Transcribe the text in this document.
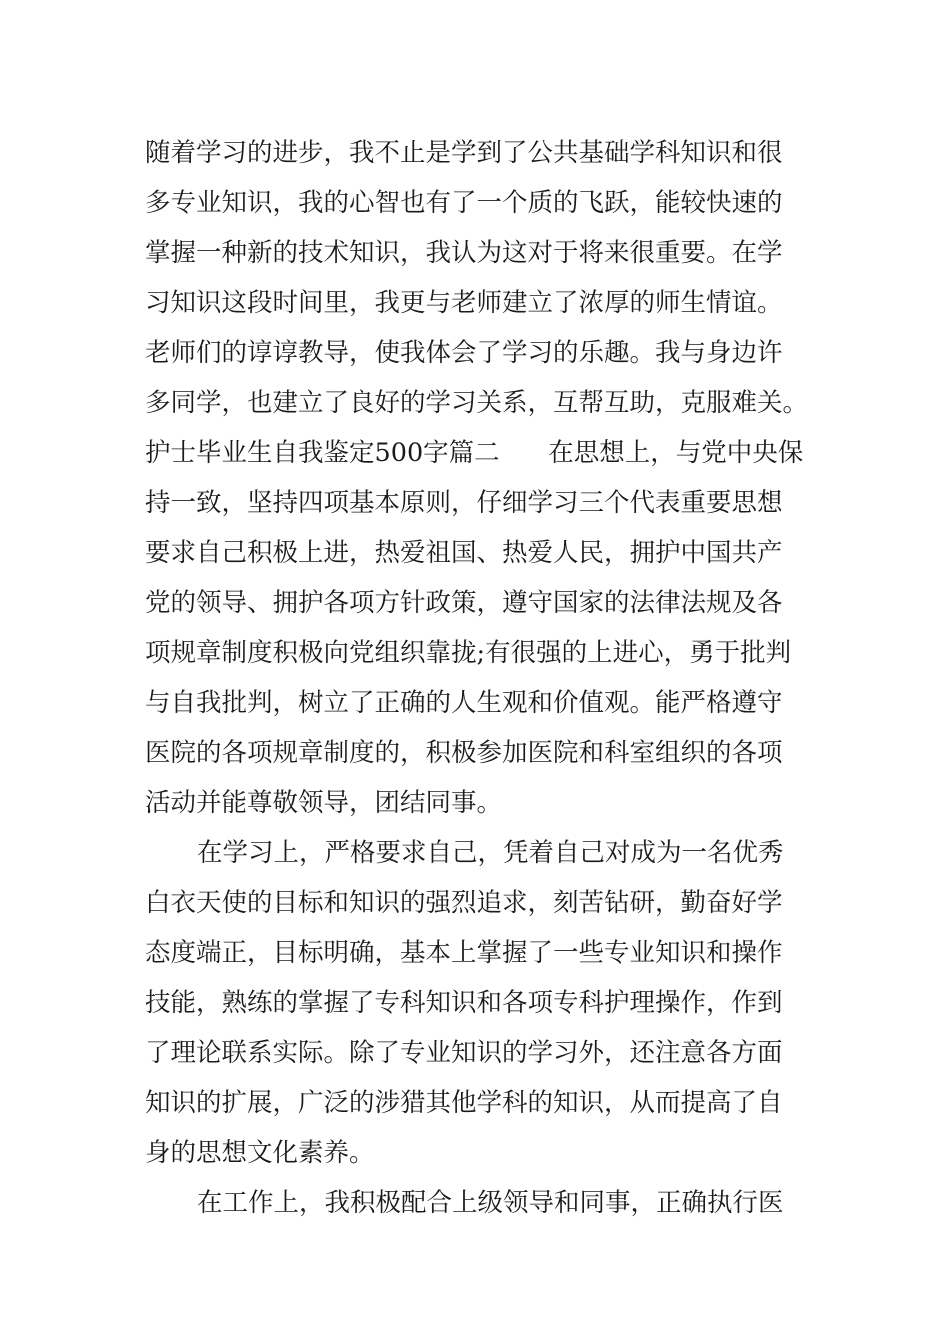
随着学习的进步，我不止是学到了公共基础学科知识和很
多专业知识，我的心智也有了一个质的飞跃，能较快速的
掌握一种新的技术知识，我认为这对于将来很重要。在学
习知识这段时间里，我更与老师建立了浓厚的师生情谊。
老师们的谆谆教导，使我体会了学习的乐趣。我与身边许
多同学，也建立了良好的学习关系，互帮互助，克服难关。
护士毕业生自我鉴定500字篇二      在思想上，与党中央保
持一致，坚持四项基本原则，仔细学习三个代表重要思想
要求自己积极上进，热爱祖国、热爱人民，拥护中国共产
党的领导、拥护各项方针政策，遵守国家的法律法规及各
项规章制度积极向党组织靠拢;有很强的上进心，勇于批判
与自我批判，树立了正确的人生观和价值观。能严格遵守
医院的各项规章制度的，积极参加医院和科室组织的各项
活动并能尊敬领导，团结同事。
在学习上，严格要求自己，凭着自己对成为一名优秀
白衣天使的目标和知识的强烈追求，刻苦钻研，勤奋好学
态度端正，目标明确，基本上掌握了一些专业知识和操作
技能，熟练的掌握了专科知识和各项专科护理操作，作到
了理论联系实际。除了专业知识的学习外，还注意各方面
知识的扩展，广泛的涉猎其他学科的知识，从而提高了自
身的思想文化素养。
在工作上，我积极配合上级领导和同事，正确执行医
